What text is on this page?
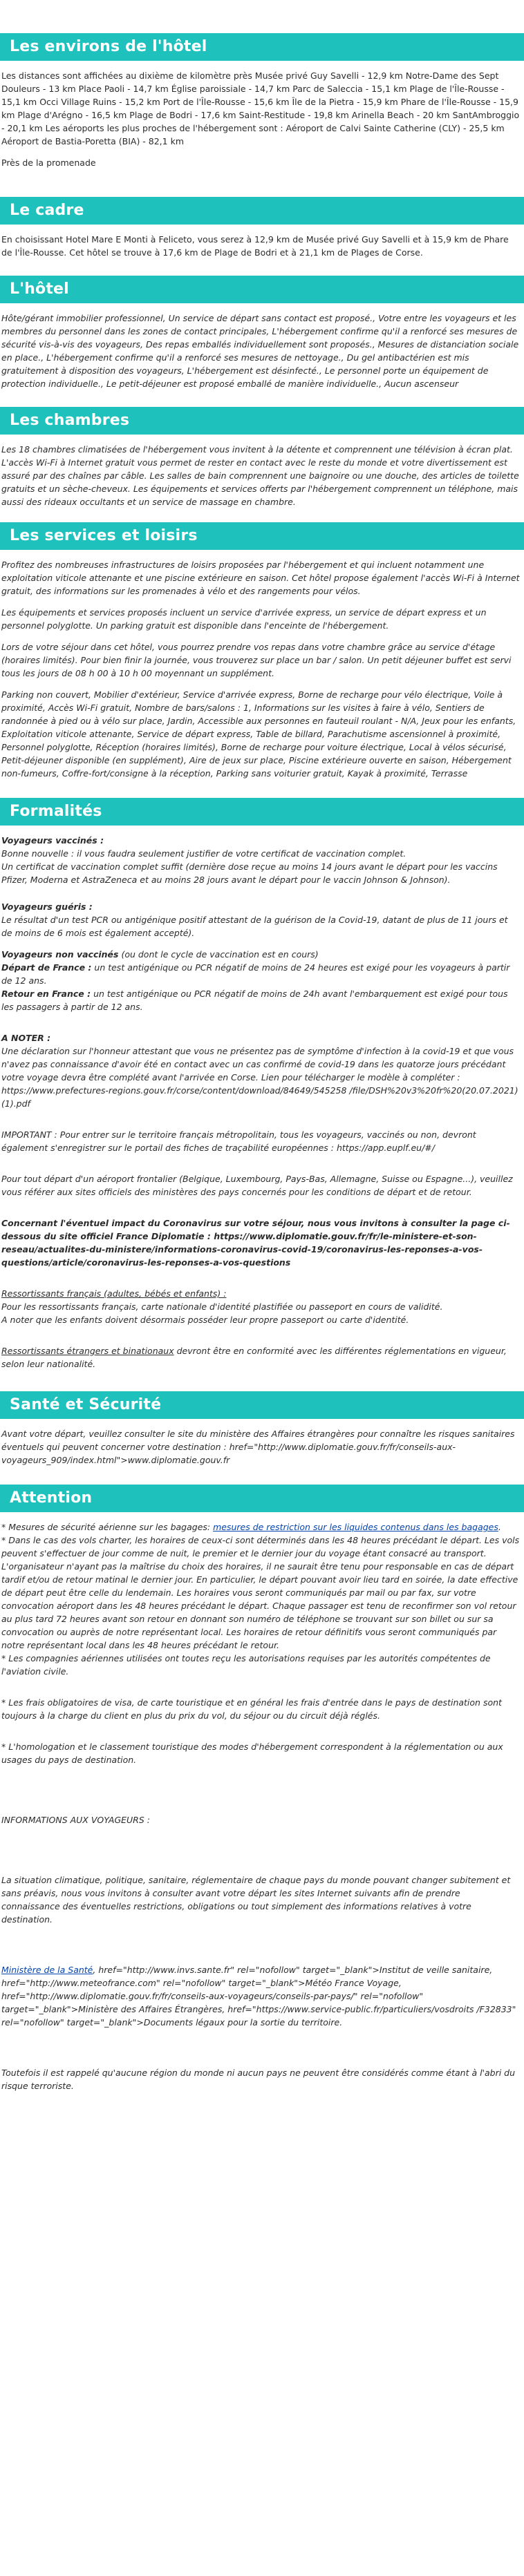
Les environs de l'hôtel

Les distances sont affichées au dixième de kilomètre près Musée privé Guy Savelli - 12,9 km Notre-Dame des Sept Douleurs - 13 km Place Paoli - 14,7 km Église paroissiale - 14,7 km Parc de Saleccia - 15,1 km Plage de l'Île-Rousse - 15,1 km Occi Village Ruins - 15,2 km Port de l'Île-Rousse - 15,6 km Île de la Pietra - 15,9 km Phare de l'Île-Rousse - 15,9 km Plage d'Arégno - 16,5 km Plage de Bodri - 17,6 km Saint-Restitude - 19,8 km Arinella Beach - 20 km SantAmbroggio - 20,1 km Les aéroports les plus proches de l'hébergement sont : Aéroport de Calvi Sainte Catherine (CLY) - 25,5 km Aéroport de Bastia-Poretta (BIA) - 82,1 km

Près de la promenade

Le cadre

En choisissant Hotel Mare E Monti à Feliceto, vous serez à 12,9 km de Musée privé Guy Savelli et à 15,9 km de Phare de l'Île-Rousse. Cet hôtel se trouve à 17,6 km de Plage de Bodri et à 21,1 km de Plages de Corse.

L'hôtel

Hôte/gérant immobilier professionnel, Un service de départ sans contact est proposé., Votre entre les voyageurs et les membres du personnel dans les zones de contact principales, L'hébergement confirme qu'il a renforcé ses mesures de sécurité vis-à-vis des voyageurs, Des repas emballés individuellement sont proposés., Mesures de distanciation sociale en place., L'hébergement confirme qu'il a renforcé ses mesures de nettoyage., Du gel antibactérien est mis gratuitement à disposition des voyageurs, L'hébergement est désinfecté., Le personnel porte un équipement de protection individuelle., Le petit-déjeuner est proposé emballé de manière individuelle., Aucun ascenseur

Les chambres

Les 18 chambres climatisées de l'hébergement vous invitent à la détente et comprennent une télévision à écran plat. L'accès Wi-Fi à Internet gratuit vous permet de rester en contact avec le reste du monde et votre divertissement est assuré par des chaînes par câble. Les salles de bain comprennent une baignoire ou une douche, des articles de toilette gratuits et un sèche-cheveux. Les équipements et services offerts par l'hébergement comprennent un téléphone, mais aussi des rideaux occultants et un service de massage en chambre.

Les services et loisirs

Profitez des nombreuses infrastructures de loisirs proposées par l'hébergement et qui incluent notamment une exploitation viticole attenante et une piscine extérieure en saison. Cet hôtel propose également l'accès Wi-Fi à Internet gratuit, des informations sur les promenades à vélo et des rangements pour vélos.

Les équipements et services proposés incluent un service d'arrivée express, un service de départ express et un personnel polyglotte. Un parking gratuit est disponible dans l'enceinte de l'hébergement.

Lors de votre séjour dans cet hôtel, vous pourrez prendre vos repas dans votre chambre grâce au service d'étage (horaires limités). Pour bien finir la journée, vous trouverez sur place un bar / salon. Un petit déjeuner buffet est servi tous les jours de 08 h 00 à 10 h 00 moyennant un supplément.

Parking non couvert, Mobilier d'extérieur, Service d'arrivée express, Borne de recharge pour vélo électrique, Voile à proximité, Accès Wi-Fi gratuit, Nombre de bars/salons : 1, Informations sur les visites à faire à vélo, Sentiers de randonnée à pied ou à vélo sur place, Jardin, Accessible aux personnes en fauteuil roulant - N/A, Jeux pour les enfants, Exploitation viticole attenante, Service de départ express, Table de billard, Parachutisme ascensionnel à proximité, Personnel polyglotte, Réception (horaires limités), Borne de recharge pour voiture électrique, Local à vélos sécurisé, Petit-déjeuner disponible (en supplément), Aire de jeux sur place, Piscine extérieure ouverte en saison, Hébergement non-fumeurs, Coffre-fort/consigne à la réception, Parking sans voiturier gratuit, Kayak à proximité, Terrasse

Formalités

Voyageurs vaccinés :
Bonne nouvelle : il vous faudra seulement justifier de votre certificat de vaccination complet.
Un certificat de vaccination complet suffit (dernière dose reçue au moins 14 jours avant le départ pour les vaccins Pfizer, Moderna et AstraZeneca et au moins 28 jours avant le départ pour le vaccin Johnson & Johnson).

Voyageurs guéris :
Le résultat d'un test PCR ou antigénique positif attestant de la guérison de la Covid-19, datant de plus de 11 jours et de moins de 6 mois est également accepté).

Voyageurs non vaccinés (ou dont le cycle de vaccination est en cours)

Départ de France : un test antigénique ou PCR négatif de moins de 24 heures est exigé pour les voyageurs à partir de 12 ans.

Retour en France : un test antigénique ou PCR négatif de moins de 24h avant l'embarquement est exigé pour tous les passagers à partir de 12 ans.

A NOTER :
Une déclaration sur l'honneur attestant que vous ne présentez pas de symptôme d'infection à la covid-19 et que vous n'avez pas connaissance d'avoir été en contact avec un cas confirmé de covid-19 dans les quatorze jours précédant votre voyage devra être complété avant l'arrivée en Corse. Lien pour télécharger le modèle à compléter : https://www.prefectures-regions.gouv.fr/corse/content/download/84649/545258 /file/DSH%20v3%20fr%20(20.07.2021)(1).pdf

IMPORTANT : Pour entrer sur le territoire français métropolitain, tous les voyageurs, vaccinés ou non, devront également s'enregistrer sur le portail des fiches de traçabilité européennes : https://app.euplf.eu/#/

Pour tout départ d'un aéroport frontalier (Belgique, Luxembourg, Pays-Bas, Allemagne, Suisse ou Espagne...), veuillez vous référer aux sites officiels des ministères des pays concernés pour les conditions de départ et de retour.

Concernant l'éventuel impact du Coronavirus sur votre séjour, nous vous invitons à consulter la page ci-dessous du site officiel France Diplomatie : https://www.diplomatie.gouv.fr/fr/le-ministere-et-son-reseau/actualites-du-ministere/informations-coronavirus-covid-19/coronavirus-les-reponses-a-vos-questions/article/coronavirus-les-reponses-a-vos-questions

Ressortissants français (adultes, bébés et enfants) :
Pour les ressortissants français, carte nationale d'identité plastifiée ou passeport en cours de validité.
A noter que les enfants doivent désormais posséder leur propre passeport ou carte d'identité.

Ressortissants étrangers et binationaux devront être en conformité avec les différentes réglementations en vigueur, selon leur nationalité.

Santé et Sécurité

Avant votre départ, veuillez consulter le site du ministère des Affaires étrangères pour connaître les risques sanitaires éventuels qui peuvent concerner votre destination : href="http://www.diplomatie.gouv.fr/fr/conseils-aux-voyageurs_909/index.html">www.diplomatie.gouv.fr

Attention

* Mesures de sécurité aérienne sur les bagages: mesures de restriction sur les liquides contenus dans les bagages.

* Dans le cas des vols charter, les horaires de ceux-ci sont déterminés dans les 48 heures précédant le départ. Les vols peuvent s'effectuer de jour comme de nuit, le premier et le dernier jour du voyage étant consacré au transport. L'organisateur n'ayant pas la maîtrise du choix des horaires, il ne saurait être tenu pour responsable en cas de départ tardif et/ou de retour matinal le dernier jour. En particulier, le départ pouvant avoir lieu tard en soirée, la date effective de départ peut être celle du lendemain. Les horaires vous seront communiqués par mail ou par fax, sur votre convocation aéroport dans les 48 heures précédant le départ. Chaque passager est tenu de reconfirmer son vol retour au plus tard 72 heures avant son retour en donnant son numéro de téléphone se trouvant sur son billet ou sur sa convocation ou auprès de notre représentant local. Les horaires de retour définitifs vous seront communiqués par notre représentant local dans les 48 heures précédant le retour.

* Les compagnies aériennes utilisées ont toutes reçu les autorisations requises par les autorités compétentes de l'aviation civile.

* Les frais obligatoires de visa, de carte touristique et en général les frais d'entrée dans le pays de destination sont toujours à la charge du client en plus du prix du vol, du séjour ou du circuit déjà réglés.

* L'homologation et le classement touristique des modes d'hébergement correspondent à la réglementation ou aux usages du pays de destination.

INFORMATIONS AUX VOYAGEURS :

La situation climatique, politique, sanitaire, réglementaire de chaque pays du monde pouvant changer subitement et sans préavis, nous vous invitons à consulter avant votre départ les sites Internet suivants afin de prendre connaissance des éventuelles restrictions, obligations ou tout simplement des informations relatives à votre destination.

Ministère de la Santé, href="http://www.invs.sante.fr" rel="nofollow" target="_blank">Institut de veille sanitaire, href="http://www.meteofrance.com" rel="nofollow" target="_blank">Météo France Voyage, href="http://www.diplomatie.gouv.fr/fr/conseils-aux-voyageurs/conseils-par-pays/" rel="nofollow" target="_blank">Ministère des Affaires Étrangères, href="https://www.service-public.fr/particuliers/vosdroits /F32833" rel="nofollow" target="_blank">Documents légaux pour la sortie du territoire.

Toutefois il est rappelé qu'aucune région du monde ni aucun pays ne peuvent être considérés comme étant à l'abri du risque terroriste.
